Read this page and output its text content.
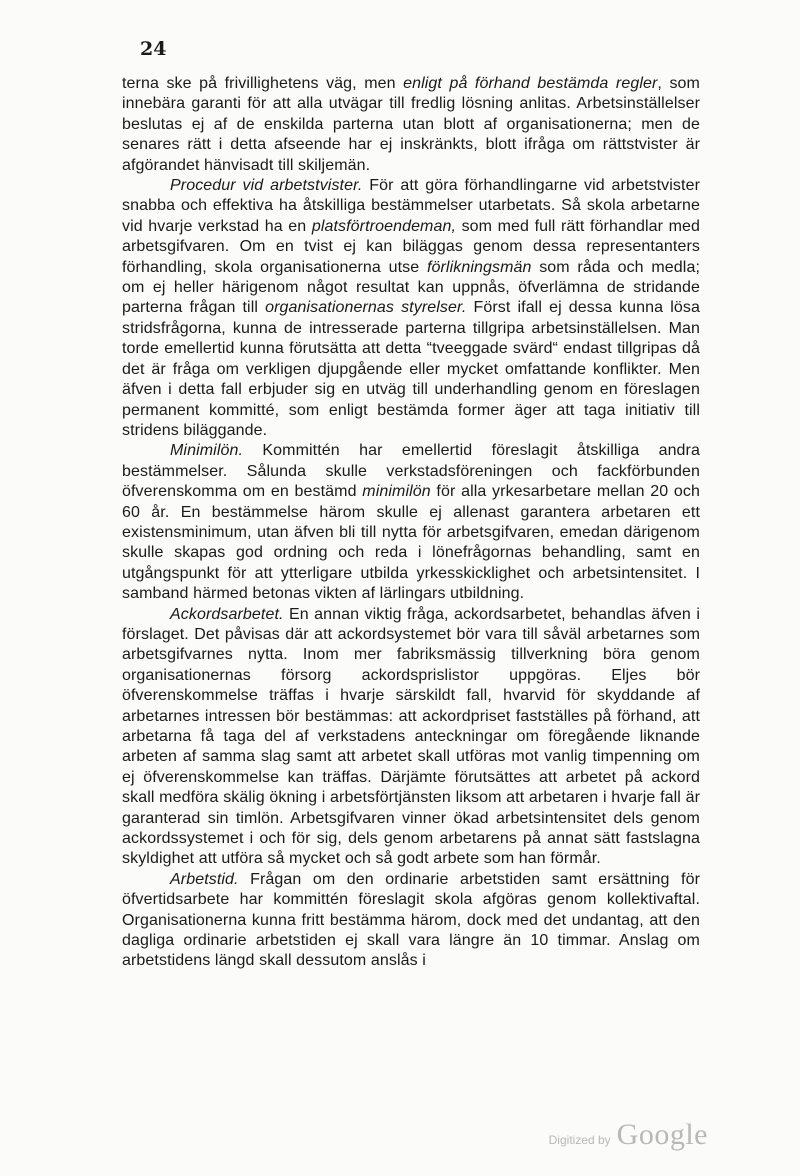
24

terna ske på frivillighetens väg, men enligt på förhand bestämda regler, som innebära garanti för att alla utvägar till fredlig lösning anlitas. Arbetsinställelser beslutas ej af de enskilda parterna utan blott af organisationerna; men de senares rätt i detta afseende har ej inskränkts, blott ifråga om rättstvister är afgörandet hänvisadt till skiljemän.

Procedur vid arbetstvister. För att göra förhandlingarne vid arbetstvister snabba och effektiva ha åtskilliga bestämmelser utarbetats. Så skola arbetarne vid hvarje verkstad ha en platsförtroendeman, som med full rätt förhandlar med arbetsgifvaren. Om en tvist ej kan biläggas genom dessa representanters förhandling, skola organisationerna utse förlikningsmän som råda och medla; om ej heller härigenom något resultat kan uppnås, öfverlämna de stridande parterna frågan till organisationernas styrelser. Först ifall ej dessa kunna lösa stridsfrågorna, kunna de intresserade parterna tillgripa arbetsinställelsen. Man torde emellertid kunna förutsätta att detta “tveeggade svärd“ endast tillgripas då det är fråga om verkligen djupgående eller mycket omfattande konflikter. Men äfven i detta fall erbjuder sig en utväg till underhandling genom en föreslagen permanent kommitté, som enligt bestämda former äger att taga initiativ till stridens biläggande.

Minimilön. Kommittén har emellertid föreslagit åtskilliga andra bestämmelser. Sålunda skulle verkstadsföreningen och fackförbunden öfverenskomma om en bestämd minimilön för alla yrkesarbetare mellan 20 och 60 år. En bestämmelse härom skulle ej allenast garantera arbetaren ett existensminimum, utan äfven bli till nytta för arbetsgifvaren, emedan därigenom skulle skapas god ordning och reda i lönefrågornas behandling, samt en utgångspunkt för att ytterligare utbilda yrkesskicklighet och arbetsintensitet. I samband härmed betonas vikten af lärlingars utbildning.

Ackordsarbetet. En annan viktig fråga, ackordsarbetet, behandlas äfven i förslaget. Det påvisas där att ackordsystemet bör vara till såväl arbetarnes som arbetsgifvarnes nytta. Inom mer fabriksmässig tillverkning böra genom organisationernas försorg ackordsprislistor uppgöras. Eljes bör öfverenskommelse träffas i hvarje särskildt fall, hvarvid för skyddande af arbetarnes intressen bör bestämmas: att ackordpriset fastställes på förhand, att arbetarna få taga del af verkstadens anteckningar om föregående liknande arbeten af samma slag samt att arbetet skall utföras mot vanlig timpenning om ej öfverenskommelse kan träffas. Därjämte förutsättes att arbetet på ackord skall medföra skälig ökning i arbetsförtjänsten liksom att arbetaren i hvarje fall är garanterad sin timlön. Arbetsgifvaren vinner ökad arbetsintensitet dels genom ackordssystemet i och för sig, dels genom arbetarens på annat sätt fastslagna skyldighet att utföra så mycket och så godt arbete som han förmår.

Arbetstid. Frågan om den ordinarie arbetstiden samt ersättning för öfvertidsarbete har kommittén föreslagit skola afgöras genom kollektivaftal. Organisationerna kunna fritt bestämma härom, dock med det undantag, att den dagliga ordinarie arbetstiden ej skall vara längre än 10 timmar. Anslag om arbetstidens längd skall dessutom anslås i

Digitized by Google
